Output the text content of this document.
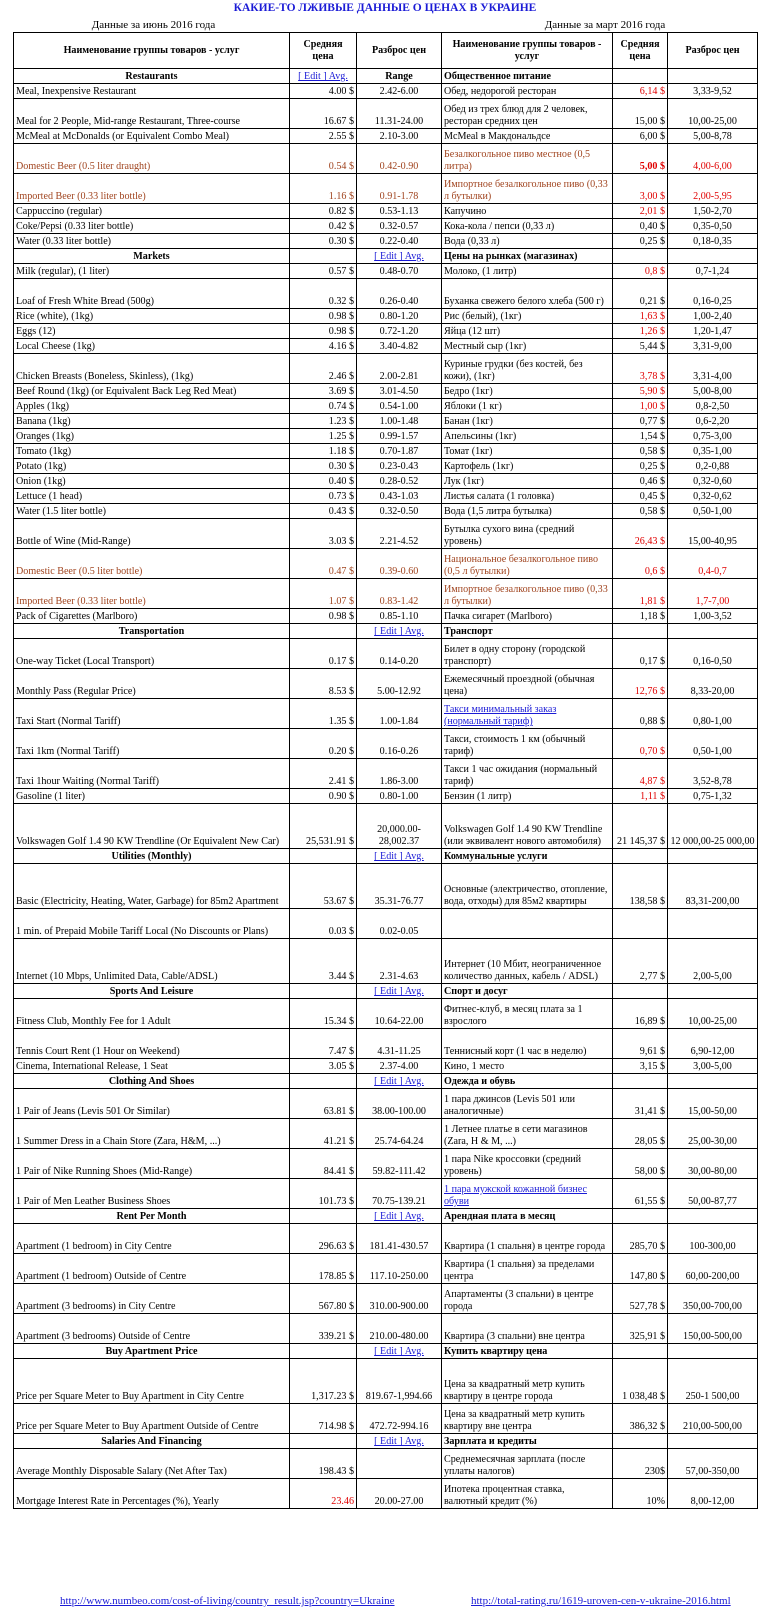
КАКИЕ-ТО ЛЖИВЫЕ ДАННЫЕ О ЦЕНАХ В УКРАИНЕ
Данные за июнь 2016 года	Данные за март 2016 года
Наименование группы товаров - услуг	Средняя цена	Разброс цен	Наименование группы товаров - услуг	Средняя цена	Разброс цен
Restaurants	[ Edit ] Avg.	Range	Общественное питание		
Meal, Inexpensive Restaurant	4.00 $	2.42-6.00	Обед, недорогой ресторан	6,14 $	3,33-9,52
Meal for 2 People, Mid-range Restaurant, Three-course	16.67 $	11.31-24.00	Обед из трех блюд для 2 человек, ресторан средних цен	15,00 $	10,00-25,00
McMeal at McDonalds (or Equivalent Combo Meal)	2.55 $	2.10-3.00	McMeal в Макдональдсе	6,00 $	5,00-8,78
Domestic Beer (0.5 liter draught)	0.54 $	0.42-0.90	Безалкогольное пиво местное (0,5 литра)	5,00 $	4,00-6,00
Imported Beer (0.33 liter bottle)	1.16 $	0.91-1.78	Импортное безалкогольное пиво (0,33 л бутылки)	3,00 $	2,00-5,95
Cappuccino (regular)	0.82 $	0.53-1.13	Капучино	2,01 $	1,50-2,70
Coke/Pepsi (0.33 liter bottle)	0.42 $	0.32-0.57	Кока-кола / пепси (0,33 л)	0,40 $	0,35-0,50
Water (0.33 liter bottle)	0.30 $	0.22-0.40	Вода (0,33 л)	0,25 $	0,18-0,35
Markets		[ Edit ] Avg.	Цены на рынках (магазинах)		
Milk (regular), (1 liter)	0.57 $	0.48-0.70	Молоко, (1 литр)	0,8 $	0,7-1,24
Loaf of Fresh White Bread (500g)	0.32 $	0.26-0.40	Буханка свежего белого хлеба (500 г)	0,21 $	0,16-0,25
Rice (white), (1kg)	0.98 $	0.80-1.20	Рис (белый), (1кг)	1,63 $	1,00-2,40
Eggs (12)	0.98 $	0.72-1.20	Яйца (12 шт)	1,26 $	1,20-1,47
Local Cheese (1kg)	4.16 $	3.40-4.82	Местный сыр (1кг)	5,44 $	3,31-9,00
Chicken Breasts (Boneless, Skinless), (1kg)	2.46 $	2.00-2.81	Куриные грудки (без костей, без кожи), (1кг)	3,78 $	3,31-4,00
Beef Round (1kg) (or Equivalent Back Leg Red Meat)	3.69 $	3.01-4.50	Бедро (1кг)	5,90 $	5,00-8,00
Apples (1kg)	0.74 $	0.54-1.00	Яблоки (1 кг)	1,00 $	0,8-2,50
Banana (1kg)	1.23 $	1.00-1.48	Банан (1кг)	0,77 $	0,6-2,20
Oranges (1kg)	1.25 $	0.99-1.57	Апельсины (1кг)	1,54 $	0,75-3,00
Tomato (1kg)	1.18 $	0.70-1.87	Томат (1кг)	0,58 $	0,35-1,00
Potato (1kg)	0.30 $	0.23-0.43	Картофель (1кг)	0,25 $	0,2-0,88
Onion (1kg)	0.40 $	0.28-0.52	Лук (1кг)	0,46 $	0,32-0,60
Lettuce (1 head)	0.73 $	0.43-1.03	Листья салата (1 головка)	0,45 $	0,32-0,62
Water (1.5 liter bottle)	0.43 $	0.32-0.50	Вода (1,5 литра бутылка)	0,58 $	0,50-1,00
Bottle of Wine (Mid-Range)	3.03 $	2.21-4.52	Бутылка сухого вина (средний уровень)	26,43 $	15,00-40,95
Domestic Beer (0.5 liter bottle)	0.47 $	0.39-0.60	Национальное безалкогольное пиво (0,5 л бутылки)	0,6 $	0,4-0,7
Imported Beer (0.33 liter bottle)	1.07 $	0.83-1.42	Импортное безалкогольное пиво (0,33 л бутылки)	1,81 $	1,7-7,00
Pack of Cigarettes (Marlboro)	0.98 $	0.85-1.10	Пачка сигарет (Marlboro)	1,18 $	1,00-3,52
Transportation		[ Edit ] Avg.	Транспорт		
One-way Ticket (Local Transport)	0.17 $	0.14-0.20	Билет в одну сторону (городской транспорт)	0,17 $	0,16-0,50
Monthly Pass (Regular Price)	8.53 $	5.00-12.92	Ежемесячный проездной (обычная цена)	12,76 $	8,33-20,00
Taxi Start (Normal Tariff)	1.35 $	1.00-1.84	Такси минимальный заказ (нормальный тариф)	0,88 $	0,80-1,00
Taxi 1km (Normal Tariff)	0.20 $	0.16-0.26	Такси, стоимость 1 км (обычный тариф)	0,70 $	0,50-1,00
Taxi 1hour Waiting (Normal Tariff)	2.41 $	1.86-3.00	Такси 1 час ожидания (нормальный тариф)	4,87 $	3,52-8,78
Gasoline (1 liter)	0.90 $	0.80-1.00	Бензин (1 литр)	1,11 $	0,75-1,32
Volkswagen Golf 1.4 90 KW Trendline (Or Equivalent New Car)	25,531.91 $	20,000.00-28,002.37	Volkswagen Golf 1.4 90 KW Trendline (или эквивалент нового автомобиля)	21 145,37 $	12 000,00-25 000,00
Utilities (Monthly)		[ Edit ] Avg.	Коммунальные услуги		
Basic (Electricity, Heating, Water, Garbage) for 85m2 Apartment	53.67 $	35.31-76.77	Основные (электричество, отопление, вода, отходы) для 85м2 квартиры	138,58 $	83,31-200,00
1 min. of Prepaid Mobile Tariff Local (No Discounts or Plans)	0.03 $	0.02-0.05			
Internet (10 Mbps, Unlimited Data, Cable/ADSL)	3.44 $	2.31-4.63	Интернет (10 Мбит, неограниченное количество данных, кабель / ADSL)	2,77 $	2,00-5,00
Sports And Leisure		[ Edit ] Avg.	Спорт и досуг		
Fitness Club, Monthly Fee for 1 Adult	15.34 $	10.64-22.00	Фитнес-клуб, в месяц плата за 1 взрослого	16,89 $	10,00-25,00
Tennis Court Rent (1 Hour on Weekend)	7.47 $	4.31-11.25	Теннисный корт (1 час в неделю)	9,61 $	6,90-12,00
Cinema, International Release, 1 Seat	3.05 $	2.37-4.00	Кино, 1 место	3,15 $	3,00-5,00
Clothing And Shoes		[ Edit ] Avg.	Одежда и обувь		
1 Pair of Jeans (Levis 501 Or Similar)	63.81 $	38.00-100.00	1 пара джинсов (Levis 501 или аналогичные)	31,41 $	15,00-50,00
1 Summer Dress in a Chain Store (Zara, H&M, ...)	41.21 $	25.74-64.24	1 Летнее платье в сети магазинов (Zara, H & M, ...)	28,05 $	25,00-30,00
1 Pair of Nike Running Shoes (Mid-Range)	84.41 $	59.82-111.42	1 пара Nike кроссовки (средний уровень)	58,00 $	30,00-80,00
1 Pair of Men Leather Business Shoes	101.73 $	70.75-139.21	1 пара мужской кожанной бизнес обуви	61,55 $	50,00-87,77
Rent Per Month		[ Edit ] Avg.	Арендная плата в месяц		
Apartment (1 bedroom) in City Centre	296.63 $	181.41-430.57	Квартира (1 спальня) в центре города	285,70 $	100-300,00
Apartment (1 bedroom) Outside of Centre	178.85 $	117.10-250.00	Квартира (1 спальня) за пределами центра	147,80 $	60,00-200,00
Apartment (3 bedrooms) in City Centre	567.80 $	310.00-900.00	Апартаменты (3 спальни) в центре города	527,78 $	350,00-700,00
Apartment (3 bedrooms) Outside of Centre	339.21 $	210.00-480.00	Квартира (3 спальни) вне центра	325,91 $	150,00-500,00
Buy Apartment Price		[ Edit ] Avg.	Купить квартиру цена		
Price per Square Meter to Buy Apartment in City Centre	1,317.23 $	819.67-1,994.66	Цена за квадратный метр купить квартиру в центре города	1 038,48 $	250-1 500,00
Price per Square Meter to Buy Apartment Outside of Centre	714.98 $	472.72-994.16	Цена за квадратный метр купить квартиру вне центра	386,32 $	210,00-500,00
Salaries And Financing		[ Edit ] Avg.	Зарплата и кредиты		
Average Monthly Disposable Salary (Net After Tax)	198.43 $		Среднемесячная зарплата (после уплаты налогов)	230$	57,00-350,00
Mortgage Interest Rate in Percentages (%), Yearly	23.46	20.00-27.00	Ипотека процентная ставка, валютный кредит (%)	10%	8,00-12,00
http://www.numbeo.com/cost-of-living/country_result.jsp?country=Ukraine	http://total-rating.ru/1619-uroven-cen-v-ukraine-2016.html
